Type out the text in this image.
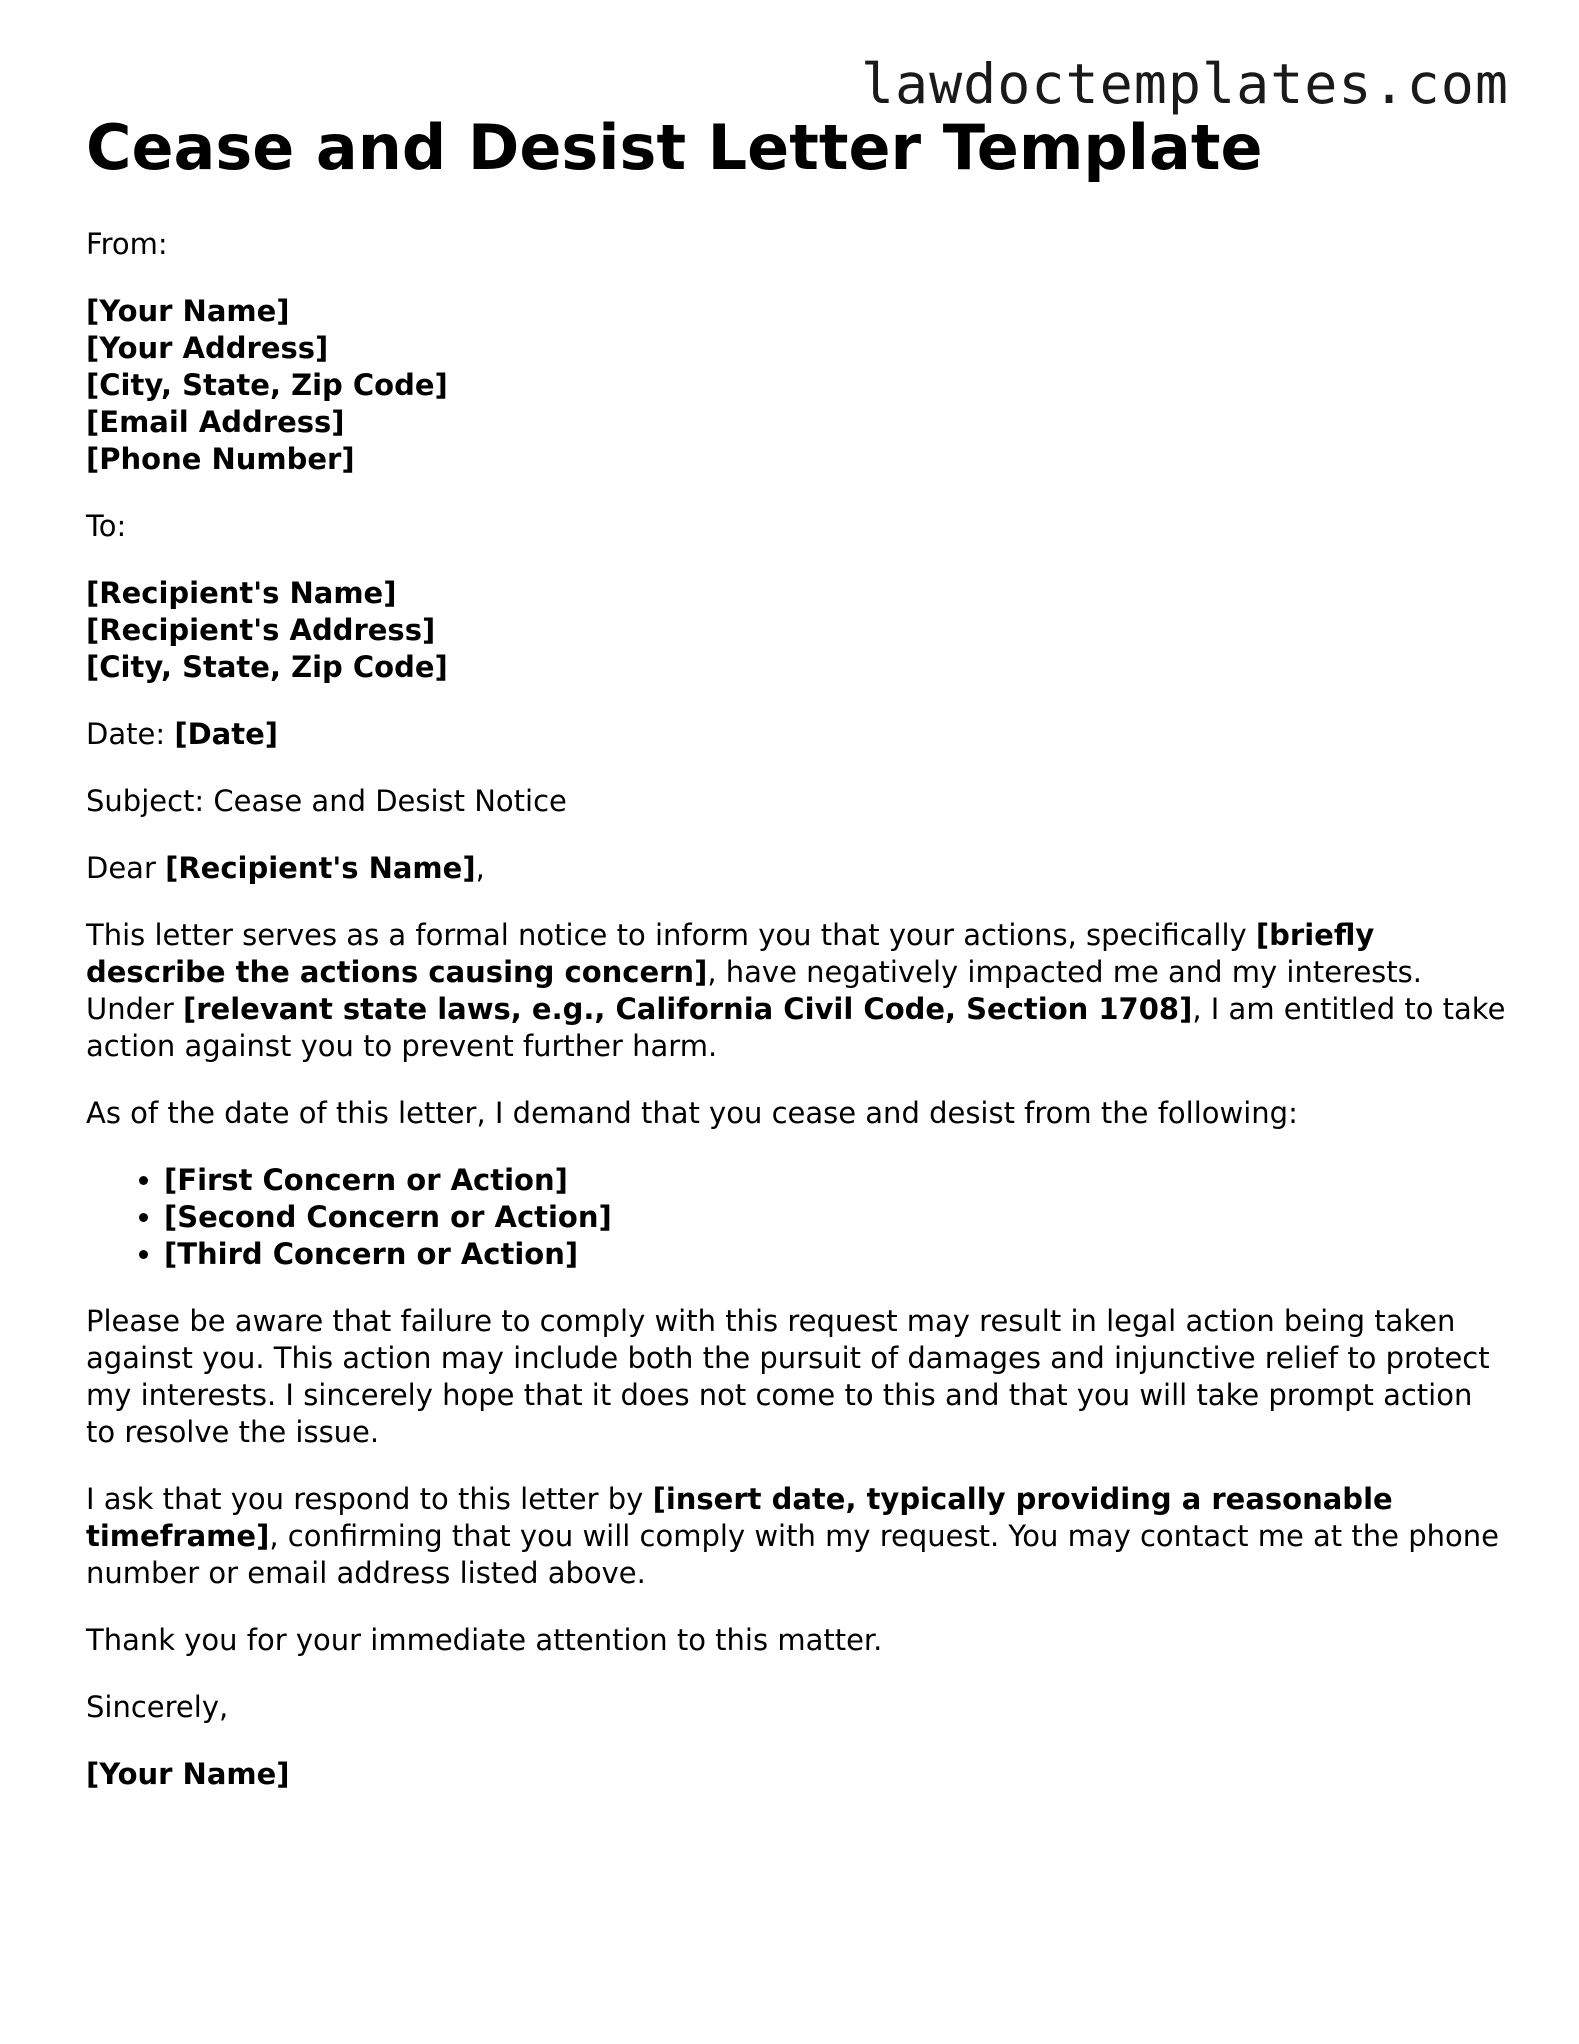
lawdoctemplates.com
Cease and Desist Letter Template

From:

[Your Name]
[Your Address]
[City, State, Zip Code]
[Email Address]
[Phone Number]

To:

[Recipient's Name]
[Recipient's Address]
[City, State, Zip Code]

Date: [Date]

Subject: Cease and Desist Notice

Dear [Recipient's Name],

This letter serves as a formal notice to inform you that your actions, specifically [briefly describe the actions causing concern], have negatively impacted me and my interests. Under [relevant state laws, e.g., California Civil Code, Section 1708], I am entitled to take action against you to prevent further harm.

As of the date of this letter, I demand that you cease and desist from the following:

• [First Concern or Action]
• [Second Concern or Action]
• [Third Concern or Action]

Please be aware that failure to comply with this request may result in legal action being taken against you. This action may include both the pursuit of damages and injunctive relief to protect my interests. I sincerely hope that it does not come to this and that you will take prompt action to resolve the issue.

I ask that you respond to this letter by [insert date, typically providing a reasonable timeframe], confirming that you will comply with my request. You may contact me at the phone number or email address listed above.

Thank you for your immediate attention to this matter.

Sincerely,

[Your Name]
